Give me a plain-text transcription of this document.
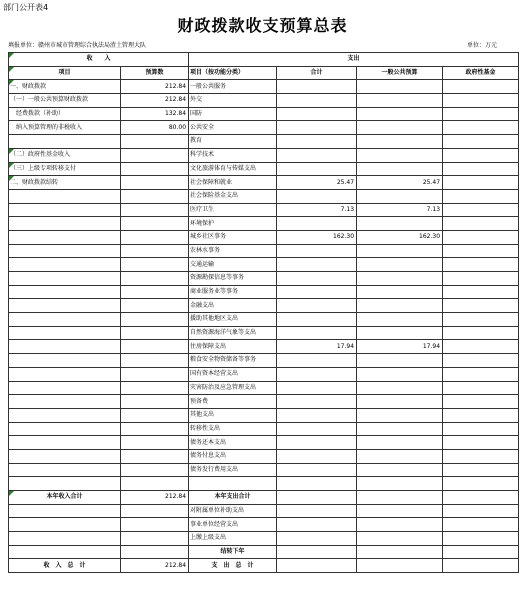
部门公开表4
财政拨款收支预算总表
填报单位：赣州市城市管理综合执法局渣土管理大队	单位：万元
收　　入		支出			
项目	预算数	项目（按功能分类）	合计	一般公共预算	政府性基金
一、财政拨款	212.84	一般公共服务			
（一）一般公共预算财政拨款	212.84	外交			
　经费拨款（补助）	132.84	国防			
　纳入预算管理的非税收入	80.00	公共安全			
		教育			
（二）政府性基金收入		科学技术			
（三）上级专项转移支付		文化旅游体育与传媒支出			
二、财政拨款结转		社会保障和就业	25.47	25.47	
		社会保险基金支出			
		医疗卫生	7.13	7.13	
		环境保护			
		城乡社区事务	162.30	162.30	
		农林水事务			
		交通运输			
		资源勘探信息等事务			
		商业服务业等事务			
		金融支出			
		援助其他地区支出			
		自然资源海洋气象等支出			
		住房保障支出	17.94	17.94	
		粮食安全物资储备等事务			
		国有资本经营支出			
		灾害防治及应急管理支出			
		预备费			
		其他支出			
		转移性支出			
		债务还本支出			
		债务付息支出			
		债务发行费用支出			

本年收入合计	212.84	本年支出合计			
		对附属单位补助支出			
		事业单位经营支出			
		上缴上级支出			
		结转下年			
收　入　总　计	212.84	支　出　总　计			
